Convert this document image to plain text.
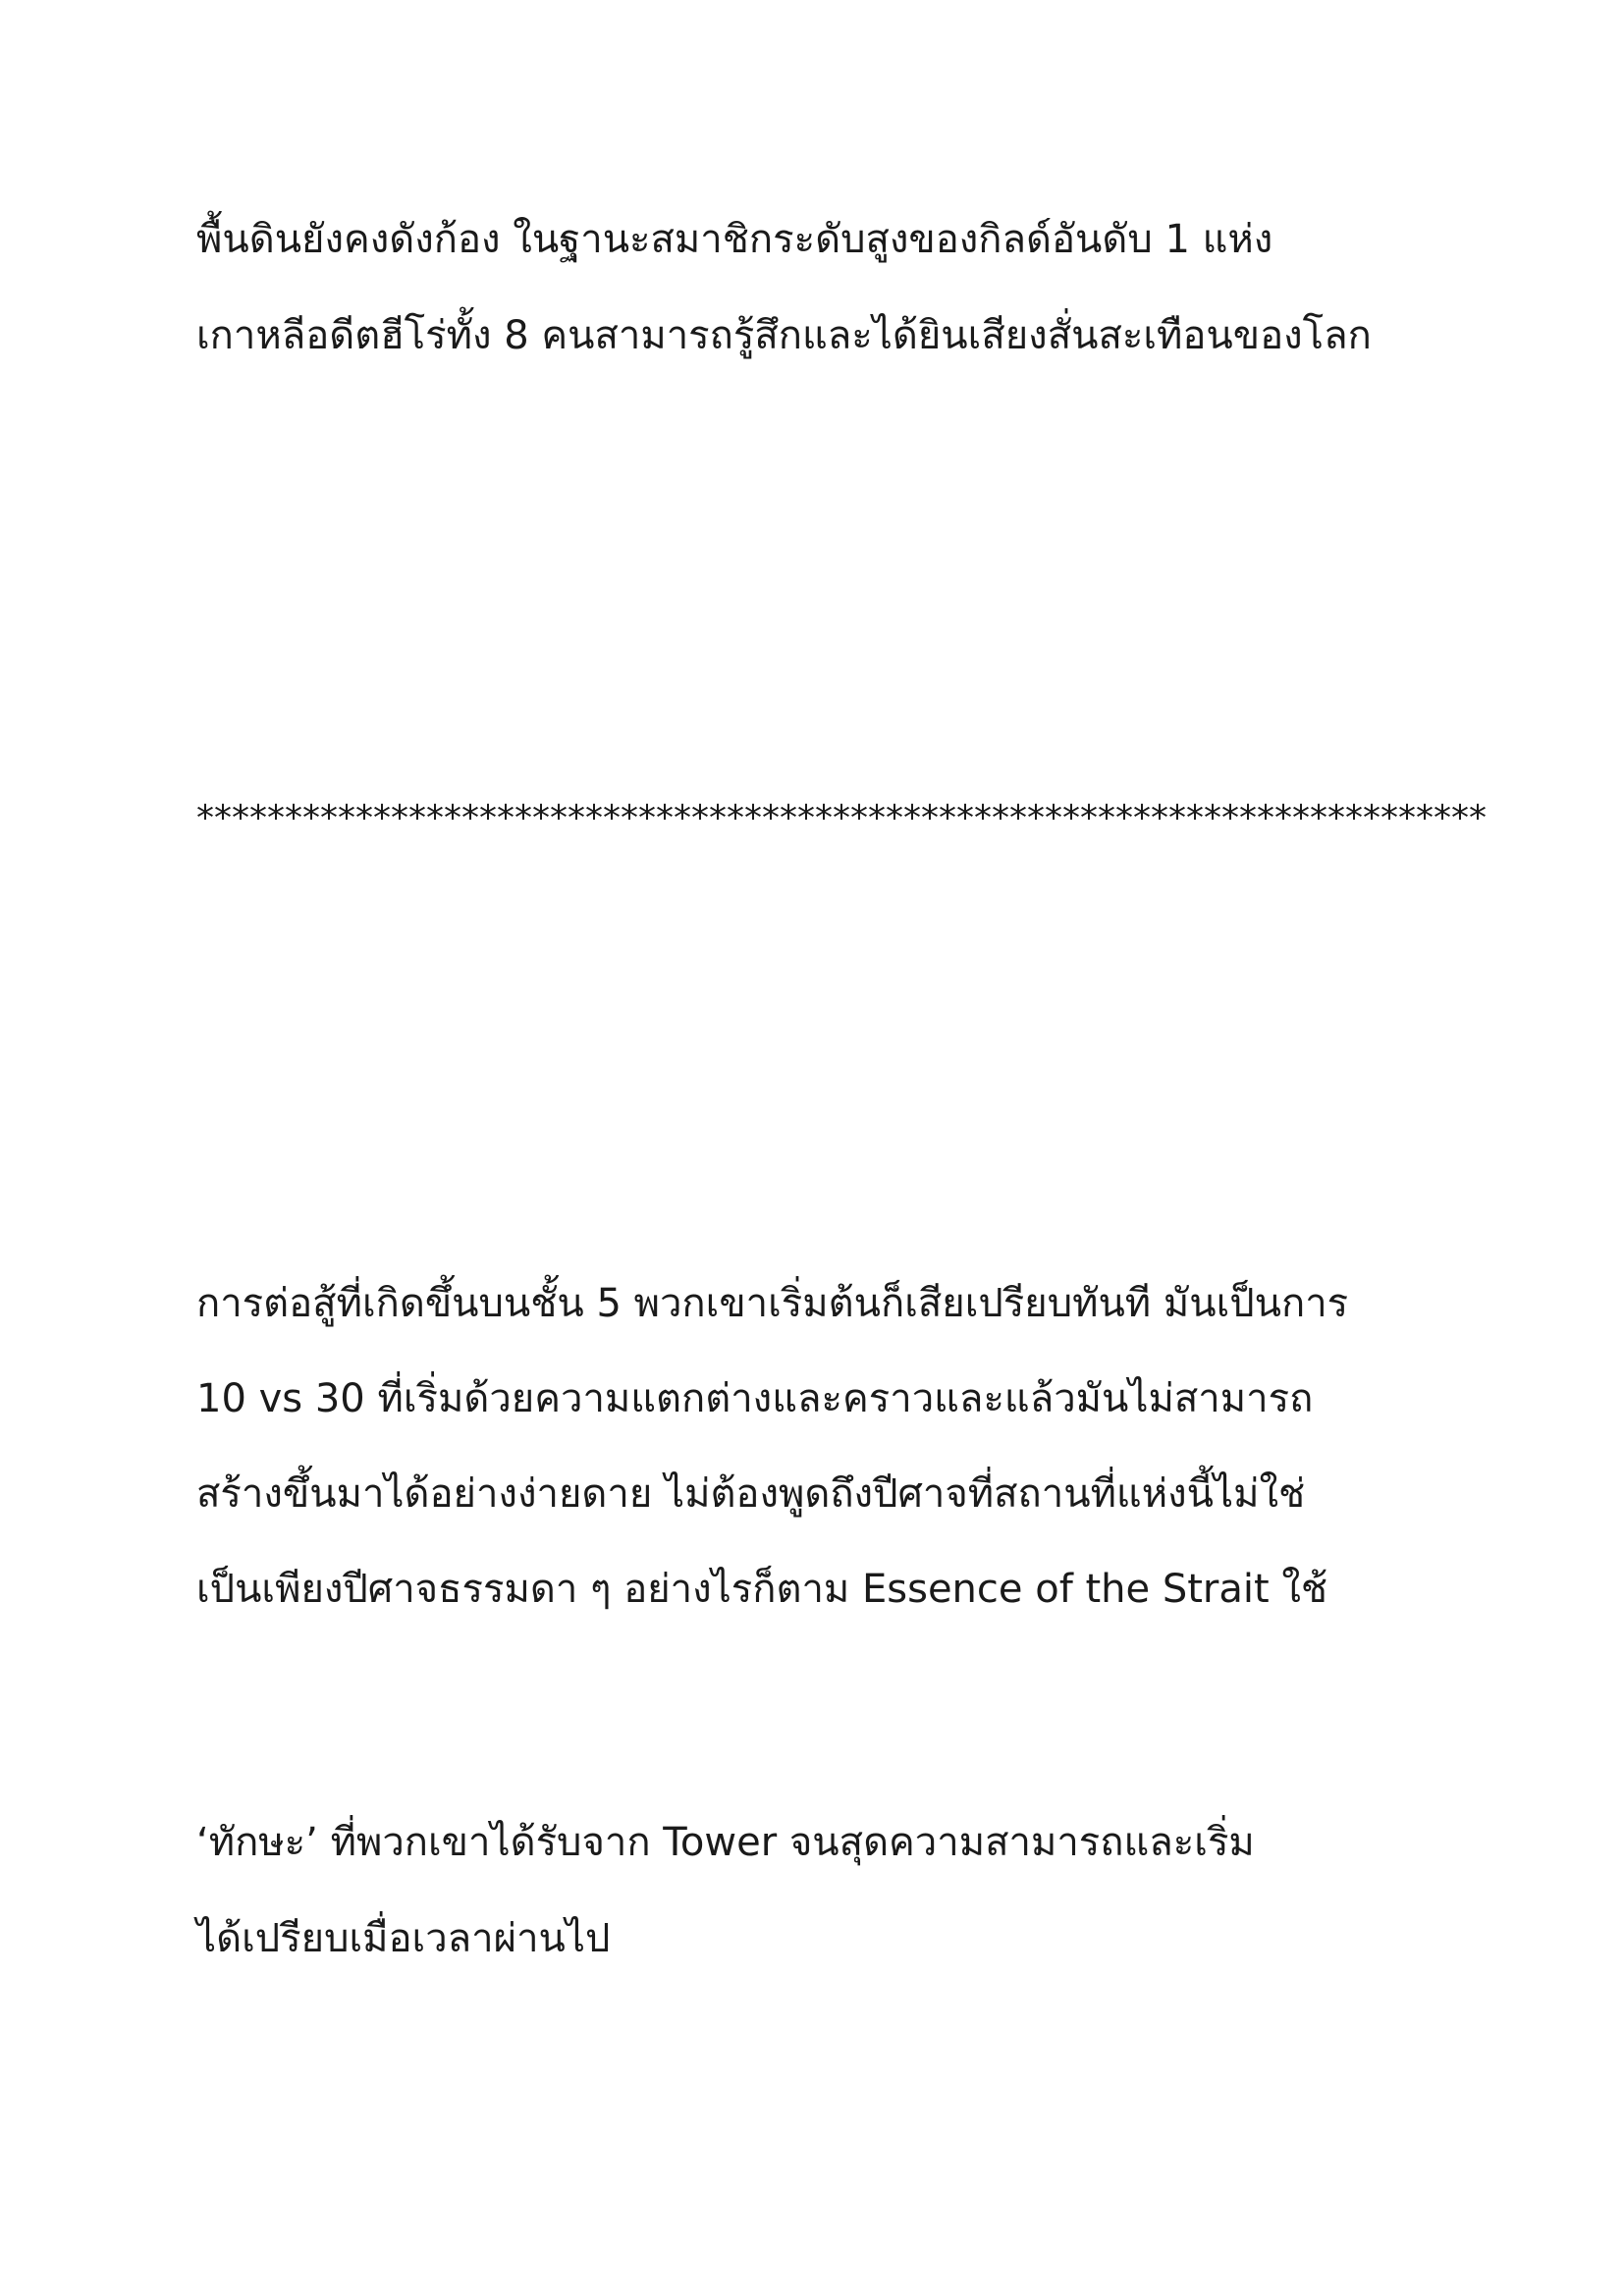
พื้นดินยังคงดังก้อง ในฐานะสมาชิกระดับสูงของกิลด์อันดับ 1 แห่ง

เกาหลีอดีตฮีโร่ทั้ง 8 คนสามารถรู้สึกและได้ยินเสียงสั่นสะเทือนของโลก

*************************************************************************

การต่อสู้ที่เกิดขึ้นบนชั้น 5 พวกเขาเริ่มต้นก็เสียเปรียบทันที มันเป็นการ

10 vs 30 ที่เริ่มด้วยความแตกต่างและคราวและแล้วมันไม่สามารถ

สร้างขึ้นมาได้อย่างง่ายดาย ไม่ต้องพูดถึงปีศาจที่สถานที่แห่งนี้ไม่ใช่

เป็นเพียงปีศาจธรรมดา ๆ อย่างไรก็ตาม Essence of the Strait ใช้

‘ทักษะ’ ที่พวกเขาได้รับจาก Tower จนสุดความสามารถและเริ่ม

ได้เปรียบเมื่อเวลาผ่านไป
